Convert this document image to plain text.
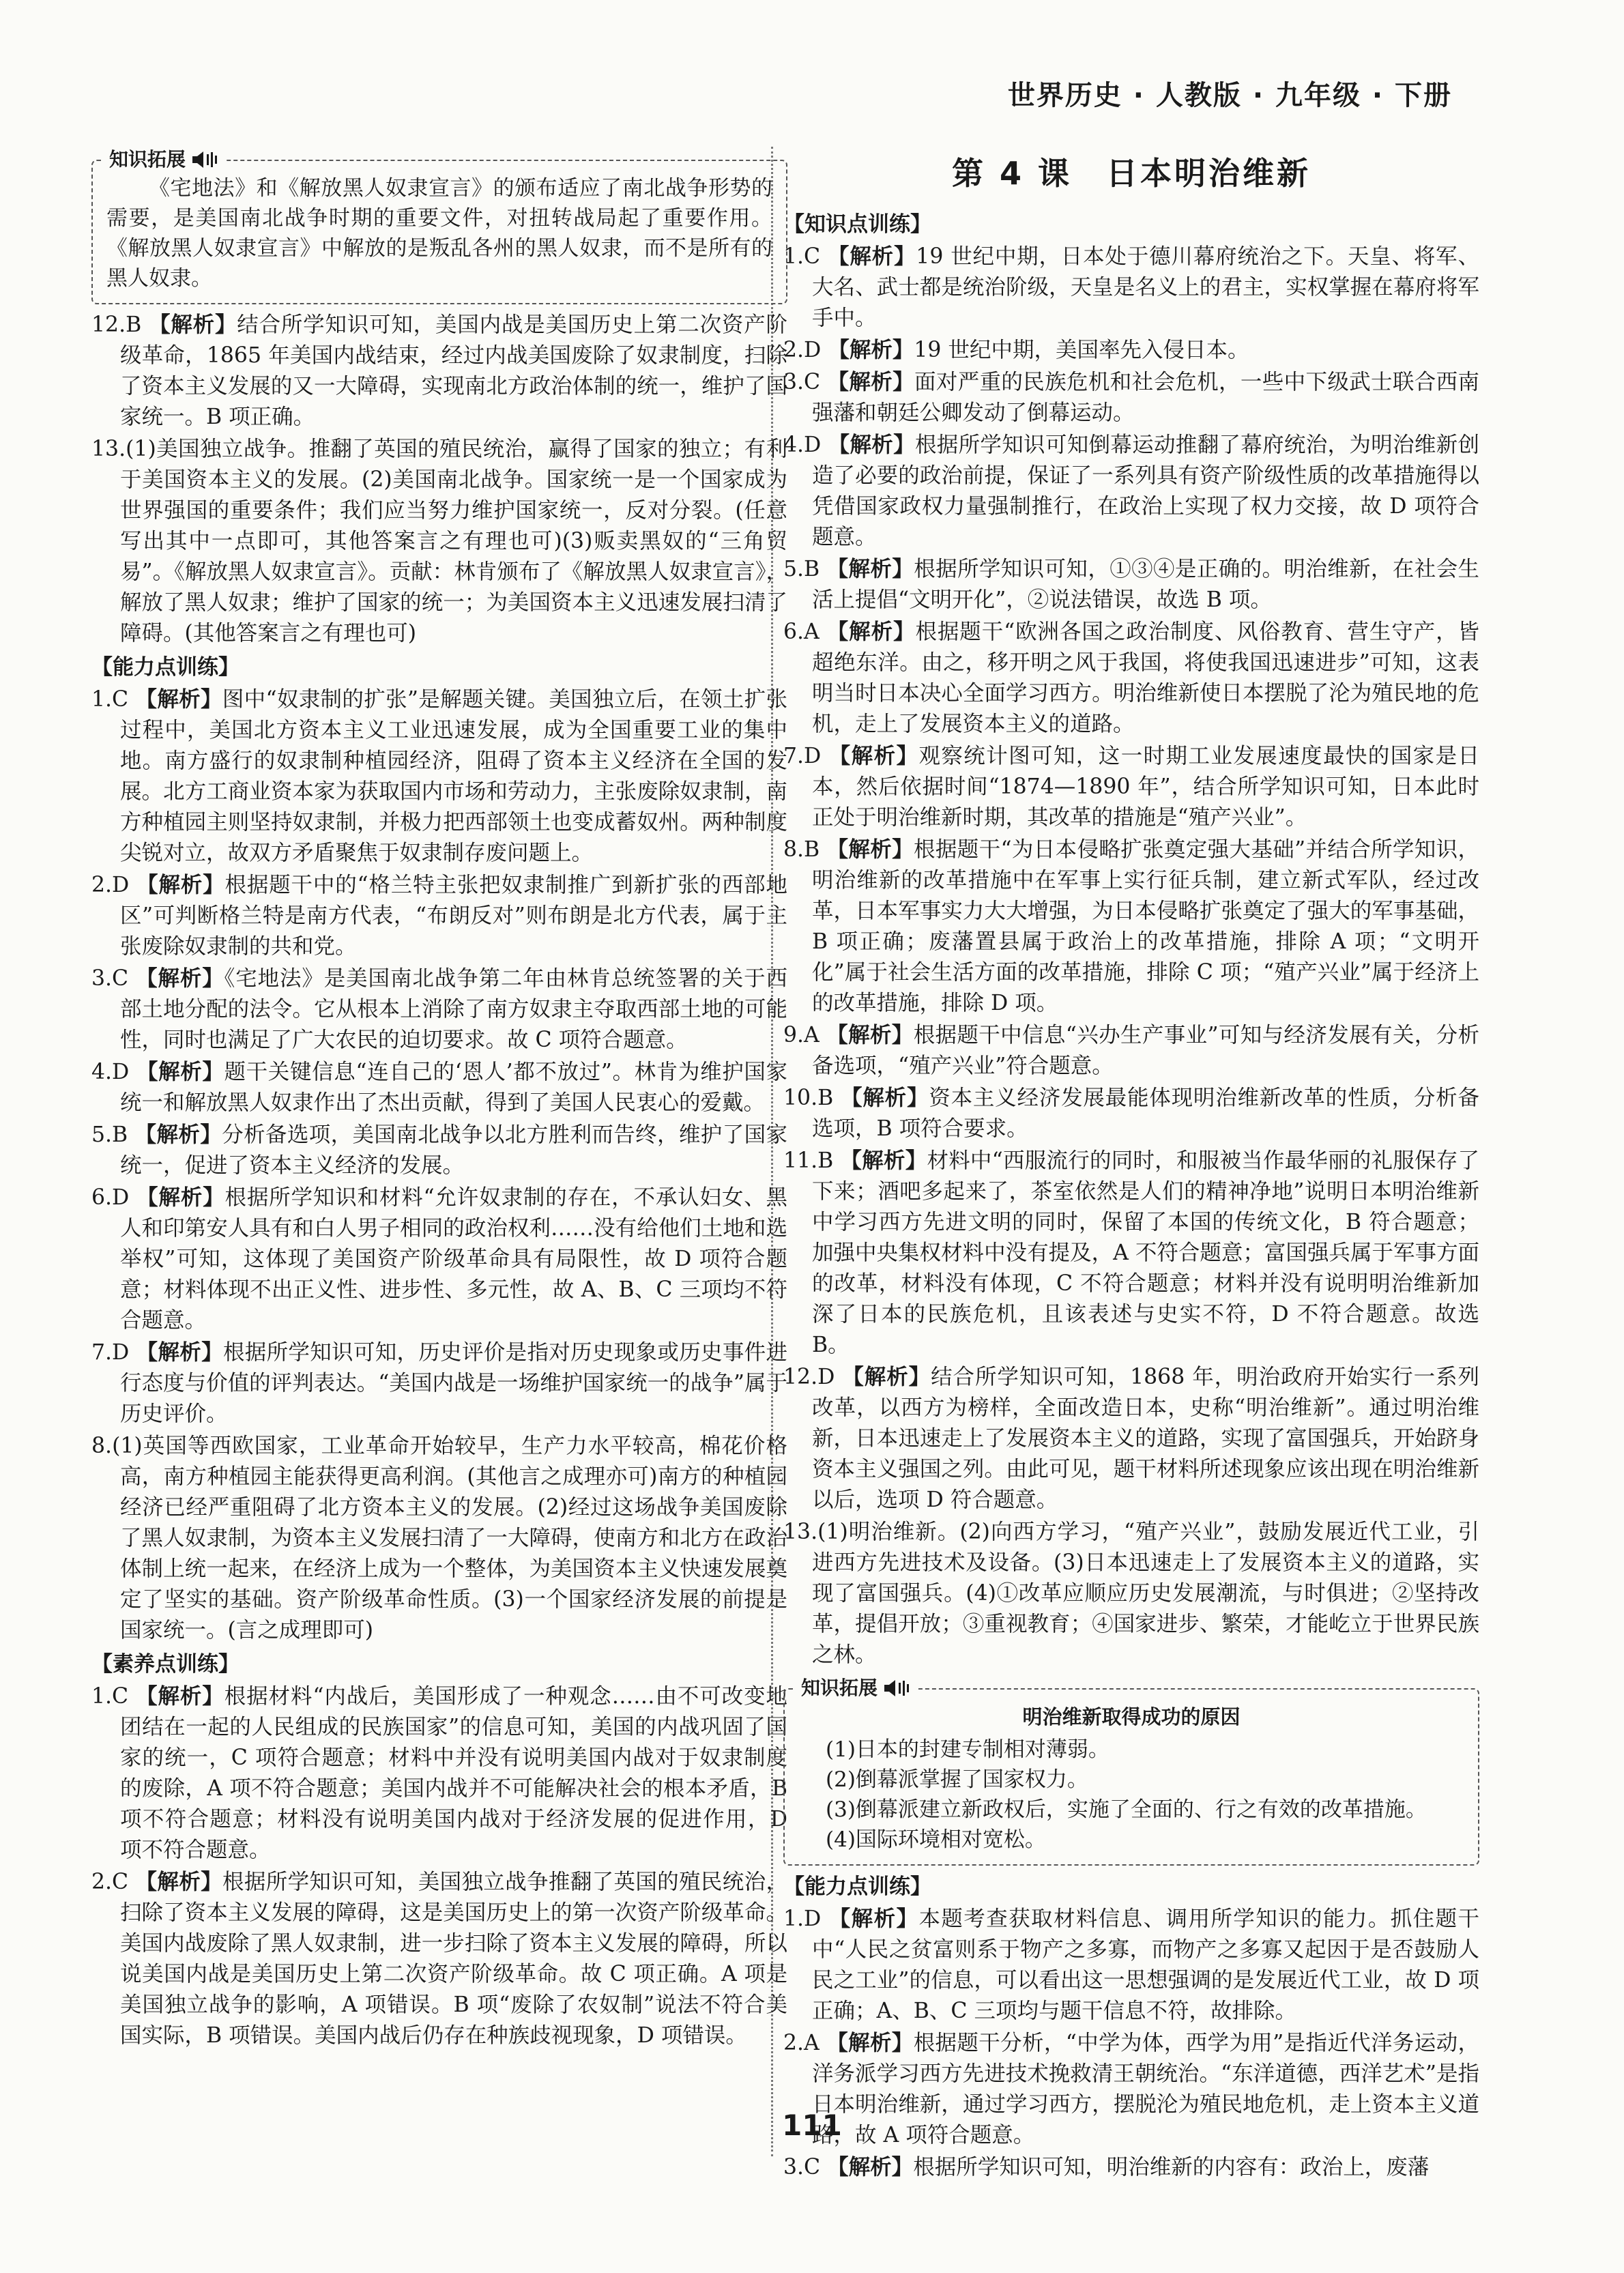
世界历史 · 人教版 · 九年级 · 下册
知识拓展

《宅地法》和《解放黑人奴隶宣言》的颁布适应了南北战争形势的需要，是美国南北战争时期的重要文件，对扭转战局起了重要作用。《解放黑人奴隶宣言》中解放的是叛乱各州的黑人奴隶，而不是所有的黑人奴隶。

12.B 【解析】结合所学知识可知，美国内战是美国历史上第二次资产阶级革命，1865 年美国内战结束，经过内战美国废除了奴隶制度，扫除了资本主义发展的又一大障碍，实现南北方政治体制的统一，维护了国家统一。B 项正确。

13.(1)美国独立战争。推翻了英国的殖民统治，赢得了国家的独立；有利于美国资本主义的发展。(2)美国南北战争。国家统一是一个国家成为世界强国的重要条件；我们应当努力维护国家统一，反对分裂。(任意写出其中一点即可，其他答案言之有理也可)(3)贩卖黑奴的“三角贸易”。《解放黑人奴隶宣言》。贡献：林肯颁布了《解放黑人奴隶宣言》，解放了黑人奴隶；维护了国家的统一；为美国资本主义迅速发展扫清了障碍。(其他答案言之有理也可)

【能力点训练】

1.C 【解析】图中“奴隶制的扩张”是解题关键。美国独立后，在领土扩张过程中，美国北方资本主义工业迅速发展，成为全国重要工业的集中地。南方盛行的奴隶制种植园经济，阻碍了资本主义经济在全国的发展。北方工商业资本家为获取国内市场和劳动力，主张废除奴隶制，南方种植园主则坚持奴隶制，并极力把西部领土也变成蓄奴州。两种制度尖锐对立，故双方矛盾聚焦于奴隶制存废问题上。

2.D 【解析】根据题干中的“格兰特主张把奴隶制推广到新扩张的西部地区”可判断格兰特是南方代表，“布朗反对”则布朗是北方代表，属于主张废除奴隶制的共和党。

3.C 【解析】《宅地法》是美国南北战争第二年由林肯总统签署的关于西部土地分配的法令。它从根本上消除了南方奴隶主夺取西部土地的可能性，同时也满足了广大农民的迫切要求。故 C 项符合题意。

4.D 【解析】题干关键信息“连自己的‘恩人’都不放过”。林肯为维护国家统一和解放黑人奴隶作出了杰出贡献，得到了美国人民衷心的爱戴。

5.B 【解析】分析备选项，美国南北战争以北方胜利而告终，维护了国家统一，促进了资本主义经济的发展。

6.D 【解析】根据所学知识和材料“允许奴隶制的存在，不承认妇女、黑人和印第安人具有和白人男子相同的政治权利……没有给他们土地和选举权”可知，这体现了美国资产阶级革命具有局限性，故 D 项符合题意；材料体现不出正义性、进步性、多元性，故 A、B、C 三项均不符合题意。

7.D 【解析】根据所学知识可知，历史评价是指对历史现象或历史事件进行态度与价值的评判表达。“美国内战是一场维护国家统一的战争”属于历史评价。

8.(1)英国等西欧国家，工业革命开始较早，生产力水平较高，棉花价格高，南方种植园主能获得更高利润。(其他言之成理亦可)南方的种植园经济已经严重阻碍了北方资本主义的发展。(2)经过这场战争美国废除了黑人奴隶制，为资本主义发展扫清了一大障碍，使南方和北方在政治体制上统一起来，在经济上成为一个整体，为美国资本主义快速发展奠定了坚实的基础。资产阶级革命性质。(3)一个国家经济发展的前提是国家统一。(言之成理即可)

【素养点训练】

1.C 【解析】根据材料“内战后，美国形成了一种观念……由不可改变地团结在一起的人民组成的民族国家”的信息可知，美国的内战巩固了国家的统一，C 项符合题意；材料中并没有说明美国内战对于奴隶制度的废除，A 项不符合题意；美国内战并不可能解决社会的根本矛盾，B 项不符合题意；材料没有说明美国内战对于经济发展的促进作用，D 项不符合题意。

2.C 【解析】根据所学知识可知，美国独立战争推翻了英国的殖民统治，扫除了资本主义发展的障碍，这是美国历史上的第一次资产阶级革命。美国内战废除了黑人奴隶制，进一步扫除了资本主义发展的障碍，所以说美国内战是美国历史上第二次资产阶级革命。故 C 项正确。A 项是美国独立战争的影响，A 项错误。B 项“废除了农奴制”说法不符合美国实际，B 项错误。美国内战后仍存在种族歧视现象，D 项错误。

第 4 课　日本明治维新
【知识点训练】

1.C 【解析】19 世纪中期，日本处于德川幕府统治之下。天皇、将军、大名、武士都是统治阶级，天皇是名义上的君主，实权掌握在幕府将军手中。

2.D 【解析】19 世纪中期，美国率先入侵日本。

3.C 【解析】面对严重的民族危机和社会危机，一些中下级武士联合西南强藩和朝廷公卿发动了倒幕运动。

4.D 【解析】根据所学知识可知倒幕运动推翻了幕府统治，为明治维新创造了必要的政治前提，保证了一系列具有资产阶级性质的改革措施得以凭借国家政权力量强制推行，在政治上实现了权力交接，故 D 项符合题意。

5.B 【解析】根据所学知识可知，①③④是正确的。明治维新，在社会生活上提倡“文明开化”，②说法错误，故选 B 项。

6.A 【解析】根据题干“欧洲各国之政治制度、风俗教育、营生守产，皆超绝东洋。由之，移开明之风于我国，将使我国迅速进步”可知，这表明当时日本决心全面学习西方。明治维新使日本摆脱了沦为殖民地的危机，走上了发展资本主义的道路。

7.D 【解析】观察统计图可知，这一时期工业发展速度最快的国家是日本，然后依据时间“1874—1890 年”，结合所学知识可知，日本此时正处于明治维新时期，其改革的措施是“殖产兴业”。

8.B 【解析】根据题干“为日本侵略扩张奠定强大基础”并结合所学知识，明治维新的改革措施中在军事上实行征兵制，建立新式军队，经过改革，日本军事实力大大增强，为日本侵略扩张奠定了强大的军事基础，B 项正确；废藩置县属于政治上的改革措施，排除 A 项；“文明开化”属于社会生活方面的改革措施，排除 C 项；“殖产兴业”属于经济上的改革措施，排除 D 项。

9.A 【解析】根据题干中信息“兴办生产事业”可知与经济发展有关，分析备选项，“殖产兴业”符合题意。

10.B 【解析】资本主义经济发展最能体现明治维新改革的性质，分析备选项，B 项符合要求。

11.B 【解析】材料中“西服流行的同时，和服被当作最华丽的礼服保存了下来；酒吧多起来了，茶室依然是人们的精神净地”说明日本明治维新中学习西方先进文明的同时，保留了本国的传统文化，B 符合题意；加强中央集权材料中没有提及，A 不符合题意；富国强兵属于军事方面的改革，材料没有体现，C 不符合题意；材料并没有说明明治维新加深了日本的民族危机，且该表述与史实不符，D 不符合题意。故选 B。

12.D 【解析】结合所学知识可知，1868 年，明治政府开始实行一系列改革，以西方为榜样，全面改造日本，史称“明治维新”。通过明治维新，日本迅速走上了发展资本主义的道路，实现了富国强兵，开始跻身资本主义强国之列。由此可见，题干材料所述现象应该出现在明治维新以后，选项 D 符合题意。

13.(1)明治维新。(2)向西方学习，“殖产兴业”，鼓励发展近代工业，引进西方先进技术及设备。(3)日本迅速走上了发展资本主义的道路，实现了富国强兵。(4)①改革应顺应历史发展潮流，与时俱进；②坚持改革，提倡开放；③重视教育；④国家进步、繁荣，才能屹立于世界民族之林。

知识拓展

明治维新取得成功的原因

(1)日本的封建专制相对薄弱。

(2)倒幕派掌握了国家权力。

(3)倒幕派建立新政权后，实施了全面的、行之有效的改革措施。

(4)国际环境相对宽松。

【能力点训练】

1.D 【解析】本题考查获取材料信息、调用所学知识的能力。抓住题干中“人民之贫富则系于物产之多寡，而物产之多寡又起因于是否鼓励人民之工业”的信息，可以看出这一思想强调的是发展近代工业，故 D 项正确；A、B、C 三项均与题干信息不符，故排除。

2.A 【解析】根据题干分析，“中学为体，西学为用”是指近代洋务运动，洋务派学习西方先进技术挽救清王朝统治。“东洋道德，西洋艺术”是指日本明治维新，通过学习西方，摆脱沦为殖民地危机，走上资本主义道路，故 A 项符合题意。

3.C 【解析】根据所学知识可知，明治维新的内容有：政治上，废藩

111
